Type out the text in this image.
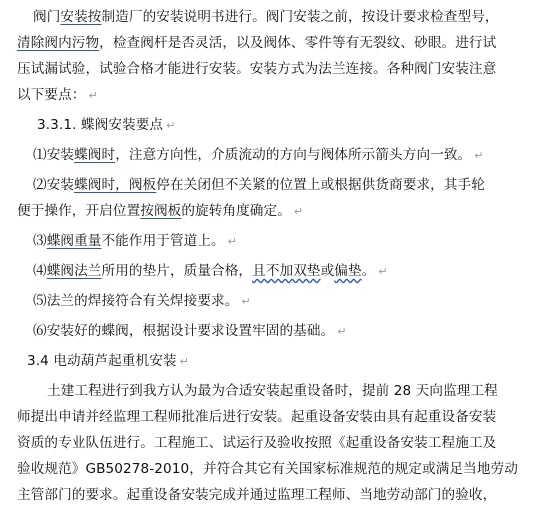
阀门安装按制造厂的安装说明书进行。阀门安装之前，按设计要求检查型号，
清除阀内污物，检查阀杆是否灵活，以及阀体、零件等有无裂纹、砂眼。进行试
压试漏试验，试验合格才能进行安装。安装方式为法兰连接。各种阀门安装注意
以下要点： ↵
3.3.1. 蝶阀安装要点 ↵
⑴安装蝶阀时，注意方向性，介质流动的方向与阀体所示箭头方向一致。 ↵
⑵安装蝶阀时，阀板停在关闭但不关紧的位置上或根据供货商要求，其手轮
便于操作，开启位置按阀板的旋转角度确定。 ↵
⑶蝶阀重量不能作用于管道上。 ↵
⑷蝶阀法兰所用的垫片，质量合格，且不加双垫或偏垫。 ↵
⑸法兰的焊接符合有关焊接要求。 ↵
⑹安装好的蝶阀，根据设计要求设置牢固的基础。 ↵
3.4 电动葫芦起重机安装 ↵
土建工程进行到我方认为最为合适安装起重设备时，提前 28 天向监理工程
师提出申请并经监理工程师批准后进行安装。起重设备安装由具有起重设备安装
资质的专业队伍进行。工程施工、试运行及验收按照《起重设备安装工程施工及
验收规范》GB50278-2010，并符合其它有关国家标准规范的规定或满足当地劳动
主管部门的要求。起重设备安装完成并通过监理工程师、当地劳动部门的验收，
